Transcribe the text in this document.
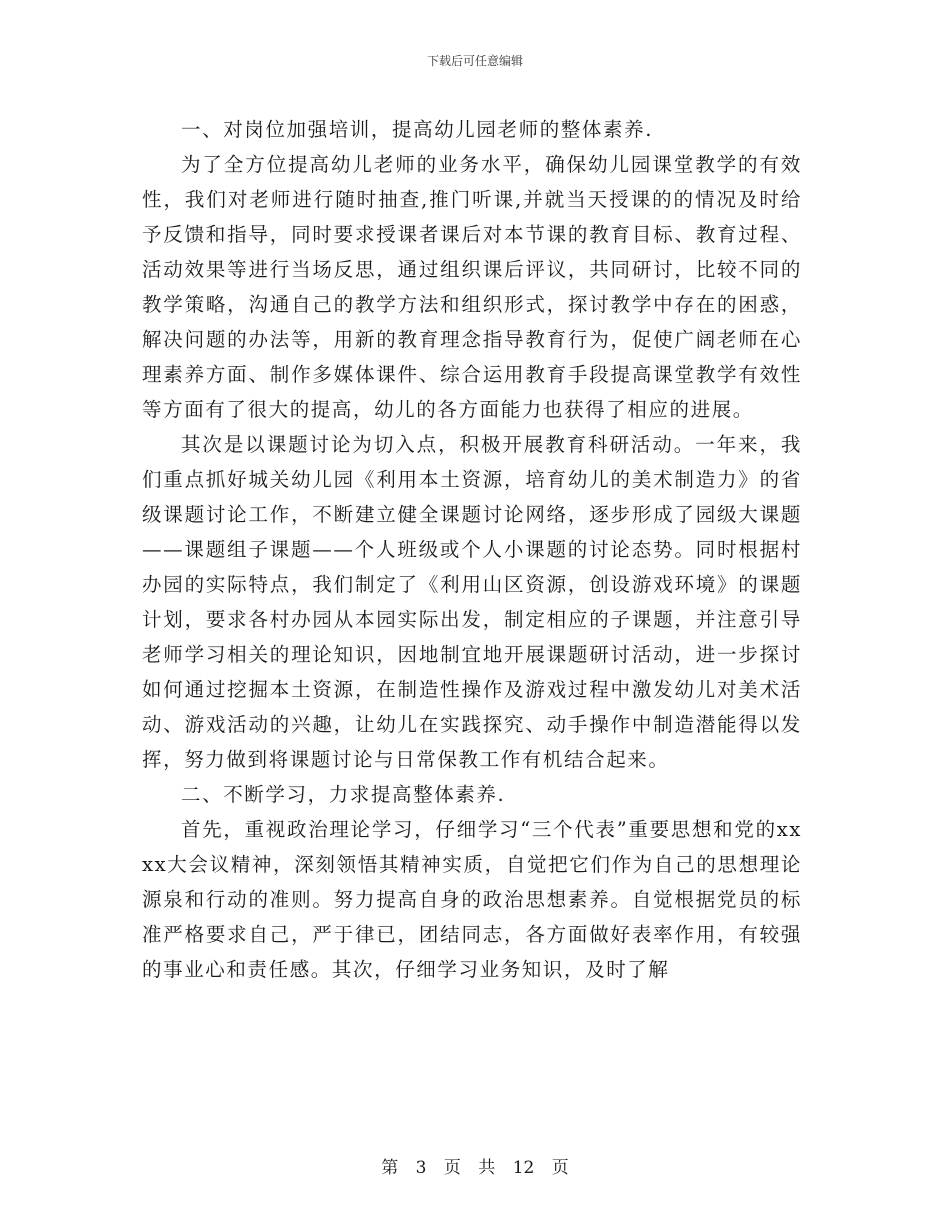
下载后可任意编辑

一、对岗位加强培训，提高幼儿园老师的整体素养.

为了全方位提高幼儿老师的业务水平，确保幼儿园课堂教学的有效性，我们对老师进行随时抽查,推门听课,并就当天授课的的情况及时给予反馈和指导，同时要求授课者课后对本节课的教育目标、教育过程、活动效果等进行当场反思，通过组织课后评议，共同研讨，比较不同的教学策略，沟通自己的教学方法和组织形式，探讨教学中存在的困惑，解决问题的办法等，用新的教育理念指导教育行为，促使广阔老师在心理素养方面、制作多媒体课件、综合运用教育手段提高课堂教学有效性等方面有了很大的提高，幼儿的各方面能力也获得了相应的进展。

其次是以课题讨论为切入点，积极开展教育科研活动。一年来，我们重点抓好城关幼儿园《利用本土资源，培育幼儿的美术制造力》的省级课题讨论工作，不断建立健全课题讨论网络，逐步形成了园级大课题——课题组子课题——个人班级或个人小课题的讨论态势。同时根据村办园的实际特点，我们制定了《利用山区资源，创设游戏环境》的课题计划，要求各村办园从本园实际出发，制定相应的子课题，并注意引导老师学习相关的理论知识，因地制宜地开展课题研讨活动，进一步探讨如何通过挖掘本土资源，在制造性操作及游戏过程中激发幼儿对美术活动、游戏活动的兴趣，让幼儿在实践探究、动手操作中制造潜能得以发挥，努力做到将课题讨论与日常保教工作有机结合起来。

二、不断学习，力求提高整体素养.

首先，重视政治理论学习，仔细学习“三个代表”重要思想和党的xxxx大会议精神，深刻领悟其精神实质，自觉把它们作为自己的思想理论源泉和行动的准则。努力提高自身的政治思想素养。自觉根据党员的标准严格要求自己，严于律已，团结同志，各方面做好表率作用，有较强的事业心和责任感。其次，仔细学习业务知识，及时了解

第 3 页 共 12 页
